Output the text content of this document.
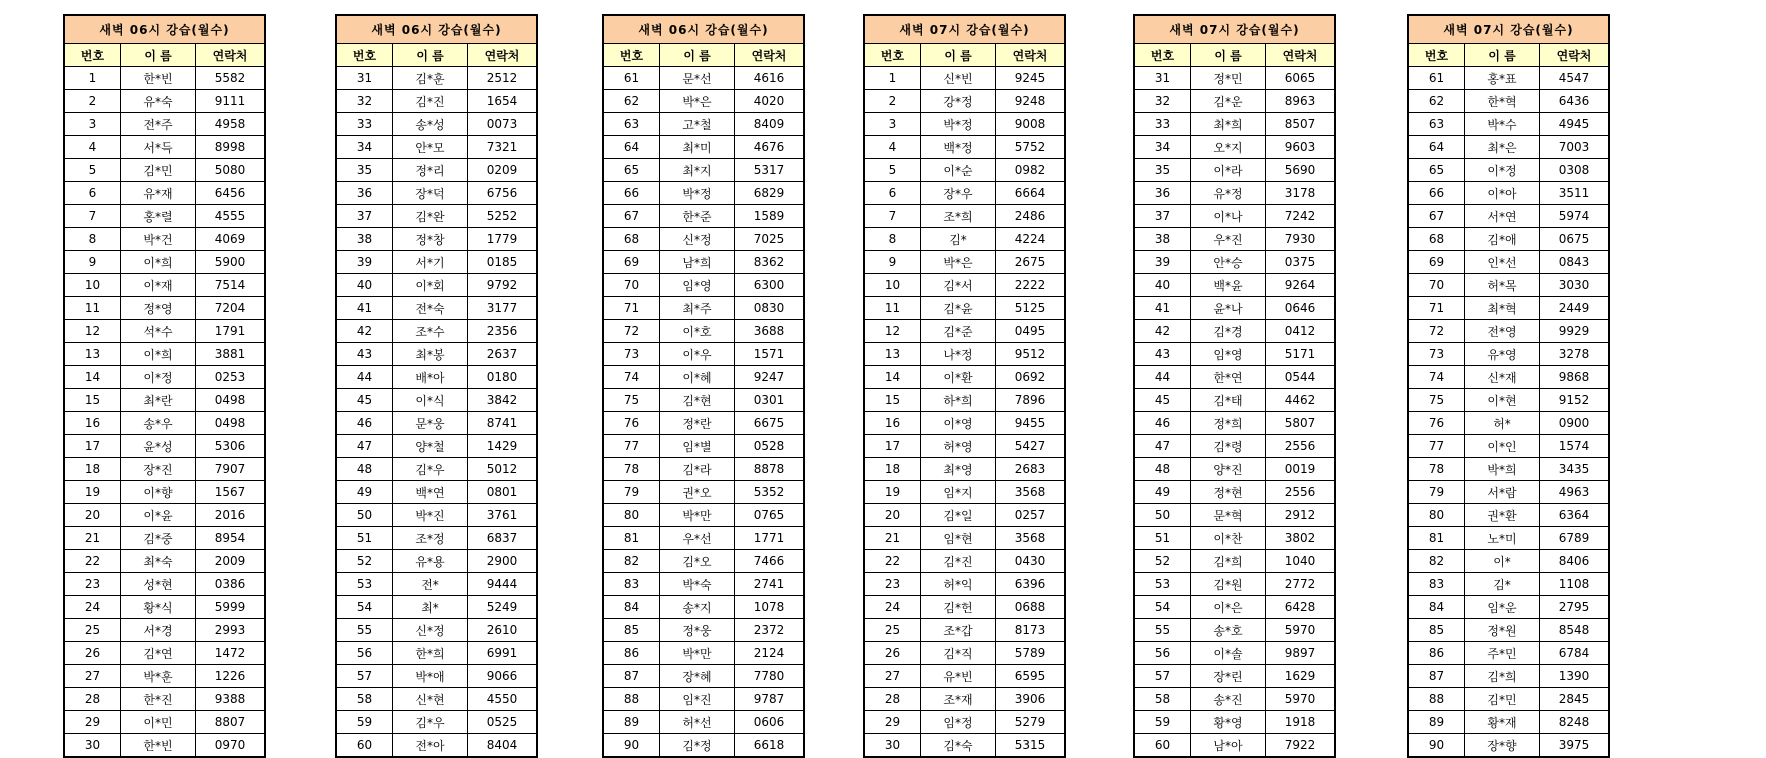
새벽 06시 강습(월수)		
번호	이 름	연락처
1	한*빈	5582
2	유*숙	9111
3	전*주	4958
4	서*득	8998
5	김*민	5080
6	유*재	6456
7	홍*렬	4555
8	박*건	4069
9	이*희	5900
10	이*재	7514
11	정*영	7204
12	석*수	1791
13	이*희	3881
14	이*정	0253
15	최*란	0498
16	송*우	0498
17	윤*성	5306
18	장*진	7907
19	이*향	1567
20	이*윤	2016
21	김*중	8954
22	최*숙	2009
23	성*현	0386
24	황*식	5999
25	서*경	2993
26	김*연	1472
27	박*훈	1226
28	한*진	9388
29	이*민	8807
30	한*빈	0970
새벽 06시 강습(월수)		
번호	이 름	연락처
31	김*훈	2512
32	김*진	1654
33	송*성	0073
34	안*모	7321
35	정*리	0209
36	장*덕	6756
37	김*완	5252
38	정*창	1779
39	서*기	0185
40	이*회	9792
41	전*숙	3177
42	조*수	2356
43	최*봉	2637
44	배*아	0180
45	이*식	3842
46	문*웅	8741
47	양*철	1429
48	김*우	5012
49	백*연	0801
50	박*진	3761
51	조*정	6837
52	유*용	2900
53	전*	9444
54	최*	5249
55	신*정	2610
56	한*희	6991
57	박*애	9066
58	신*현	4550
59	김*우	0525
60	전*아	8404
새벽 06시 강습(월수)		
번호	이 름	연락처
61	문*선	4616
62	박*은	4020
63	고*철	8409
64	최*미	4676
65	최*지	5317
66	박*정	6829
67	한*준	1589
68	신*정	7025
69	남*희	8362
70	임*영	6300
71	최*주	0830
72	이*호	3688
73	이*우	1571
74	이*혜	9247
75	김*현	0301
76	정*란	6675
77	임*별	0528
78	김*라	8878
79	권*오	5352
80	박*만	0765
81	우*선	1771
82	김*오	7466
83	박*숙	2741
84	송*지	1078
85	정*웅	2372
86	박*만	2124
87	장*혜	7780
88	임*진	9787
89	허*선	0606
90	김*정	6618
새벽 07시 강습(월수)		
번호	이 름	연락처
1	신*빈	9245
2	강*정	9248
3	박*정	9008
4	백*정	5752
5	이*순	0982
6	장*우	6664
7	조*희	2486
8	김*	4224
9	박*은	2675
10	김*서	2222
11	김*윤	5125
12	김*준	0495
13	나*정	9512
14	이*환	0692
15	하*희	7896
16	이*영	9455
17	허*영	5427
18	최*영	2683
19	임*지	3568
20	김*일	0257
21	임*현	3568
22	김*진	0430
23	허*익	6396
24	김*헌	0688
25	조*갑	8173
26	김*직	5789
27	유*빈	6595
28	조*재	3906
29	임*정	5279
30	김*숙	5315
새벽 07시 강습(월수)		
번호	이 름	연락처
31	정*민	6065
32	김*운	8963
33	최*희	8507
34	오*지	9603
35	이*라	5690
36	유*정	3178
37	이*나	7242
38	우*진	7930
39	안*승	0375
40	백*윤	9264
41	윤*나	0646
42	김*경	0412
43	임*영	5171
44	한*연	0544
45	김*태	4462
46	정*희	5807
47	김*령	2556
48	양*진	0019
49	정*현	2556
50	문*혁	2912
51	이*찬	3802
52	김*희	1040
53	김*원	2772
54	이*은	6428
55	송*호	5970
56	이*솔	9897
57	장*린	1629
58	송*진	5970
59	황*영	1918
60	남*아	7922
새벽 07시 강습(월수)		
번호	이 름	연락처
61	홍*표	4547
62	한*혁	6436
63	박*수	4945
64	최*은	7003
65	이*정	0308
66	이*아	3511
67	서*연	5974
68	김*애	0675
69	인*선	0843
70	허*목	3030
71	최*혁	2449
72	전*영	9929
73	유*영	3278
74	신*재	9868
75	이*현	9152
76	허*	0900
77	이*인	1574
78	박*희	3435
79	서*람	4963
80	권*환	6364
81	노*미	6789
82	이*	8406
83	김*	1108
84	임*운	2795
85	정*원	8548
86	주*민	6784
87	김*희	1390
88	김*민	2845
89	황*재	8248
90	장*향	3975
